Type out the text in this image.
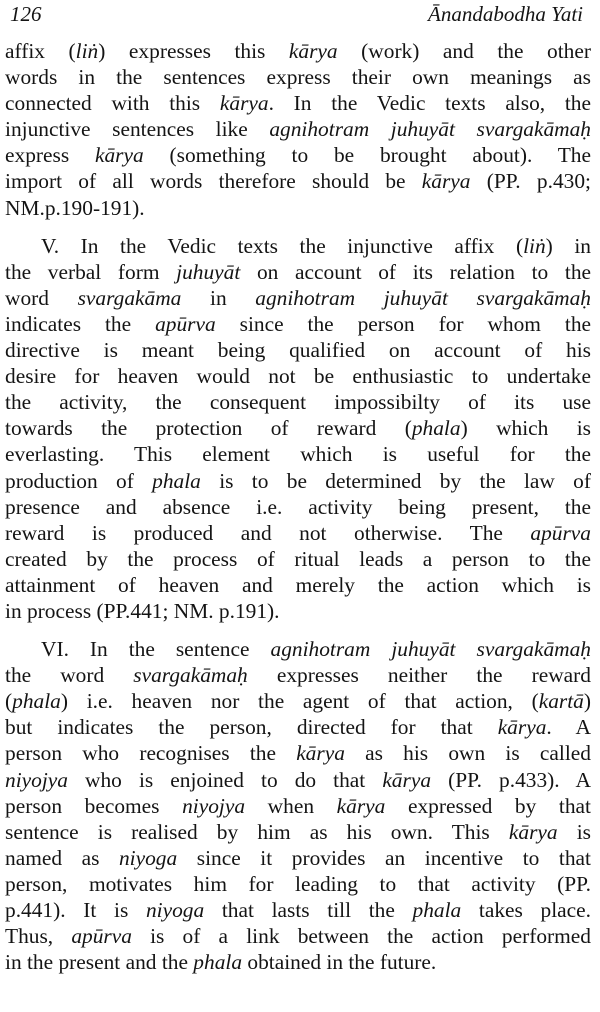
126	Ānandabodha Yati
affix (liṅ) expresses this kārya (work) and the other
words in the sentences express their own meanings as
connected with this kārya. In the Vedic texts also, the
injunctive sentences like agnihotram juhuyāt svargakāmaḥ
express kārya (something to be brought about). The
import of all words therefore should be kārya (PP. p.430;
NM.p.190-191).
V. In the Vedic texts the injunctive affix (liṅ) in
the verbal form juhuyāt on account of its relation to the
word svargakāma in agnihotram juhuyāt svargakāmaḥ
indicates the apūrva since the person for whom the
directive is meant being qualified on account of his
desire for heaven would not be enthusiastic to undertake
the activity, the consequent impossibilty of its use
towards the protection of reward (phala) which is
everlasting. This element which is useful for the
production of phala is to be determined by the law of
presence and absence i.e. activity being present, the
reward is produced and not otherwise. The apūrva
created by the process of ritual leads a person to the
attainment of heaven and merely the action which is
in process (PP.441; NM. p.191).
VI. In the sentence agnihotram juhuyāt svargakāmaḥ
the word svargakāmaḥ expresses neither the reward
(phala) i.e. heaven nor the agent of that action, (kartā)
but indicates the person, directed for that kārya. A
person who recognises the kārya as his own is called
niyojya who is enjoined to do that kārya (PP. p.433). A
person becomes niyojya when kārya expressed by that
sentence is realised by him as his own. This kārya is
named as niyoga since it provides an incentive to that
person, motivates him for leading to that activity (PP.
p.441). It is niyoga that lasts till the phala takes place.
Thus, apūrva is of a link between the action performed
in the present and the phala obtained in the future.
